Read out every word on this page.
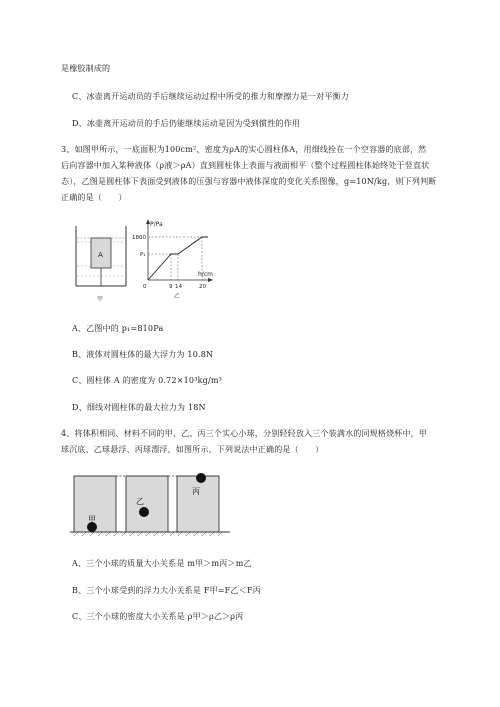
是橡胶制成的
C、冰壶离开运动员的手后继续运动过程中所受的推力和摩擦力是一对平衡力
D、冰壶离开运动员的手后仍能继续运动是因为受到惯性的作用
3、如图甲所示，一底面积为100cm²、密度为ρA的实心圆柱体A，用细线拴在一个空容器的底部，然
后向容器中加入某种液体（ρ液＞ρA）直到圆柱体上表面与液面相平（整个过程圆柱体始终处于竖直状
态），乙图是圆柱体下表面受到液体的压强与容器中液体深度的变化关系图像，g=10N/kg，则下列判断
正确的是（　　）
A
甲
P/Pa
h/cm
1800
P₁
0	9 14	20
乙
A、乙图中的 p₁=810Pa
B、液体对圆柱体的最大浮力为 10.8N
C、圆柱体 A 的密度为 0.72×10³kg/m³
D、细线对圆柱体的最大拉力为 18N
4、将体积相同、材料不同的甲、乙、丙三个实心小球，分别轻轻放入三个装满水的同规格烧杯中，甲
球沉底、乙球悬浮、丙球漂浮，如图所示，下列说法中正确的是（　　）
甲
乙
丙
A、三个小球的质量大小关系是 m甲＞m丙＞m乙
B、三个小球受到的浮力大小关系是 F甲=F乙＜F丙
C、三个小球的密度大小关系是 ρ甲＞ρ乙＞ρ丙
